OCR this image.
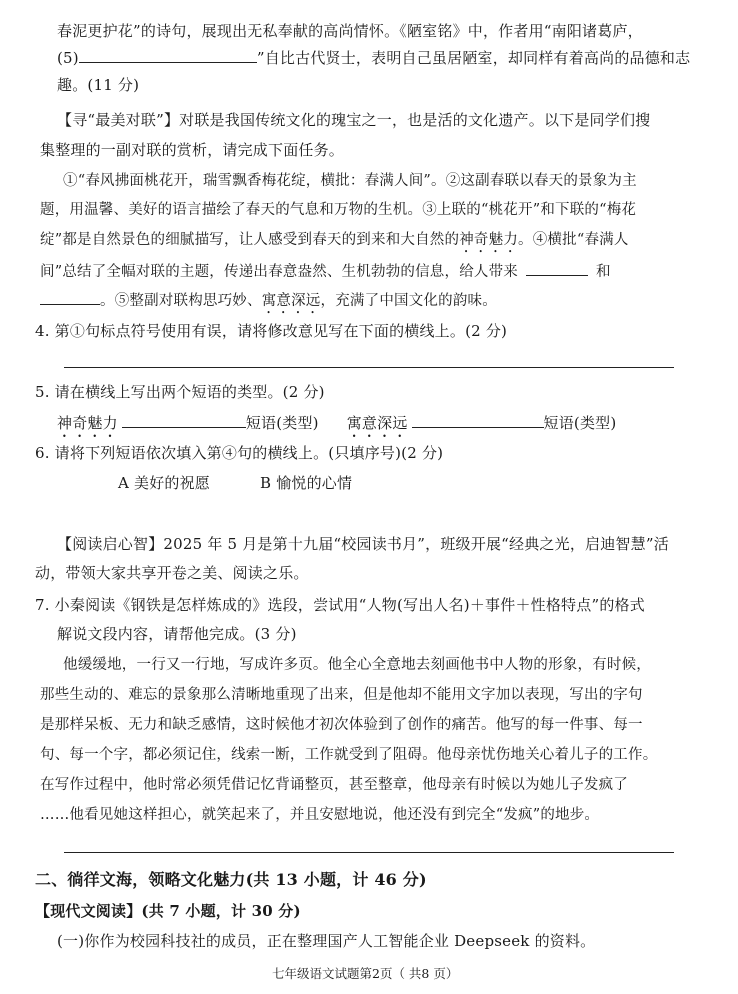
春泥更护花”的诗句，展现出无私奉献的高尚情怀。《陋室铭》中，作者用“南阳诸葛庐，
(5)	”自比古代贤士，表明自己虽居陋室，却同样有着高尚的品德和志
趣。(11 分)
【寻“最美对联”】对联是我国传统文化的瑰宝之一，也是活的文化遗产。以下是同学们搜
集整理的一副对联的赏析，请完成下面任务。
①“春风拂面桃花开，瑞雪飘香梅花绽，横批：春满人间”。②这副春联以春天的景象为主
题，用温馨、美好的语言描绘了春天的气息和万物的生机。③上联的“桃花开”和下联的“梅花
绽”都是自然景色的细腻描写，让人感受到春天的到来和大自然的神奇魅力。④横批“春满人
间”总结了全幅对联的主题，传递出春意盎然、生机勃勃的信息，给人带来	和
。⑤整副对联构思巧妙、寓意深远，充满了中国文化的韵味。
4. 第①句标点符号使用有误，请将修改意见写在下面的横线上。(2 分)
5. 请在横线上写出两个短语的类型。(2 分)
神奇魅力	短语(类型) 寓意深远	短语(类型)
6. 请将下列短语依次填入第④句的横线上。(只填序号)(2 分)
A 美好的祝愿	B 愉悦的心情
【阅读启心智】2025 年 5 月是第十九届“校园读书月”，班级开展“经典之光，启迪智慧”活
动，带领大家共享开卷之美、阅读之乐。
7. 小秦阅读《钢铁是怎样炼成的》选段，尝试用“人物(写出人名)＋事件＋性格特点”的格式
解说文段内容，请帮他完成。(3 分)
他缓缓地，一行又一行地，写成许多页。他全心全意地去刻画他书中人物的形象，有时候，
那些生动的、难忘的景象那么清晰地重现了出来，但是他却不能用文字加以表现，写出的字句
是那样呆板、无力和缺乏感情，这时候他才初次体验到了创作的痛苦。他写的每一件事、每一
句、每一个字，都必须记住，线索一断，工作就受到了阻碍。他母亲忧伤地关心着儿子的工作。
在写作过程中，他时常必须凭借记忆背诵整页，甚至整章，他母亲有时候以为她儿子发疯了
……他看见她这样担心，就笑起来了，并且安慰地说，他还没有到完全“发疯”的地步。
二、徜徉文海，领略文化魅力(共 13 小题，计 46 分)
【现代文阅读】(共 7 小题，计 30 分)
(一)你作为校园科技社的成员，正在整理国产人工智能企业 Deepseek 的资料。
七年级语文试题第2页（ 共8 页）
